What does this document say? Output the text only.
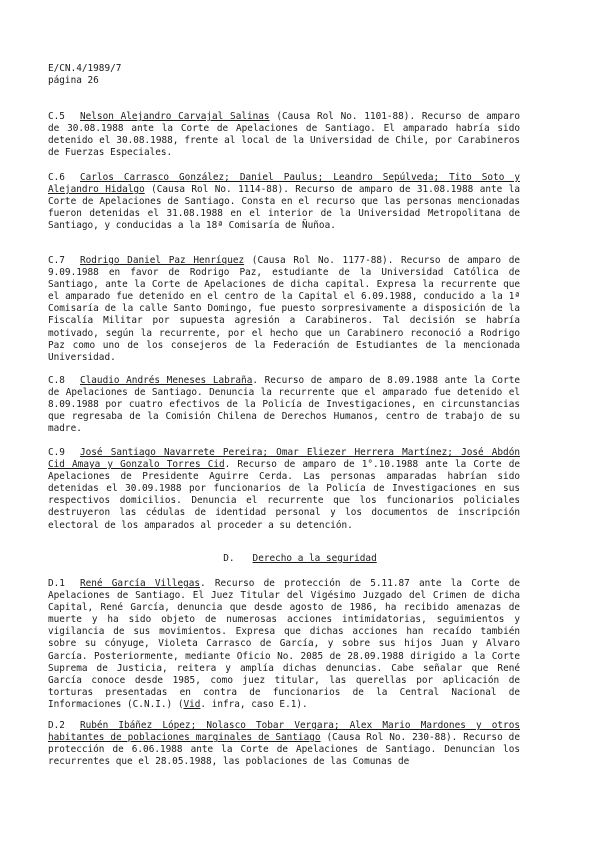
E/CN.4/1989/7
página 26

C.5 Nelson Alejandro Carvajal Salinas (Causa Rol No. 1101-88). Recurso de amparo de 30.08.1988 ante la Corte de Apelaciones de Santiago. El amparado habría sido detenido el 30.08.1988, frente al local de la Universidad de Chile, por Carabineros de Fuerzas Especiales.

C.6 Carlos Carrasco González; Daniel Paulus; Leandro Sepúlveda; Tito Soto y Alejandro Hidalgo (Causa Rol No. 1114-88). Recurso de amparo de 31.08.1988 ante la Corte de Apelaciones de Santiago. Consta en el recurso que las personas mencionadas fueron detenidas el 31.08.1988 en el interior de la Universidad Metropolitana de Santiago, y conducidas a la 18ª Comisaría de Ñuñoa.

C.7 Rodrigo Daniel Paz Henríquez (Causa Rol No. 1177-88). Recurso de amparo de 9.09.1988 en favor de Rodrigo Paz, estudiante de la Universidad Católica de Santiago, ante la Corte de Apelaciones de dicha capital. Expresa la recurrente que el amparado fue detenido en el centro de la Capital el 6.09.1988, conducido a la 1ª Comisaría de la calle Santo Domingo, fue puesto sorpresivamente a disposición de la Fiscalía Militar por supuesta agresión a Carabineros. Tal decisión se habría motivado, según la recurrente, por el hecho que un Carabinero reconoció a Rodrigo Paz como uno de los consejeros de la Federación de Estudiantes de la mencionada Universidad.

C.8 Claudio Andrés Meneses Labraña. Recurso de amparo de 8.09.1988 ante la Corte de Apelaciones de Santiago. Denuncia la recurrente que el amparado fue detenido el 8.09.1988 por cuatro efectivos de la Policía de Investigaciones, en circunstancias que regresaba de la Comisión Chilena de Derechos Humanos, centro de trabajo de su madre.

C.9 José Santiago Navarrete Pereira; Omar Eliezer Herrera Martínez; José Abdón Cid Amaya y Gonzalo Torres Cid. Recurso de amparo de 1°.10.1988 ante la Corte de Apelaciones de Presidente Aguirre Cerda. Las personas amparadas habrían sido detenidas el 30.09.1988 por funcionarios de la Policía de Investigaciones en sus respectivos domicilios. Denuncia el recurrente que los funcionarios policiales destruyeron las cédulas de identidad personal y los documentos de inscripción electoral de los amparados al proceder a su detención.

D. Derecho a la seguridad

D.1 René García Villegas. Recurso de protección de 5.11.87 ante la Corte de Apelaciones de Santiago. El Juez Titular del Vigésimo Juzgado del Crimen de dicha Capital, René García, denuncia que desde agosto de 1986, ha recibido amenazas de muerte y ha sido objeto de numerosas acciones intimidatorias, seguimientos y vigilancia de sus movimientos. Expresa que dichas acciones han recaído también sobre su cónyuge, Violeta Carrasco de García, y sobre sus hijos Juan y Alvaro García. Posteriormente, mediante Oficio No. 2085 de 28.09.1988 dirigido a la Corte Suprema de Justicia, reitera y amplía dichas denuncias. Cabe señalar que René García conoce desde 1985, como juez titular, las querellas por aplicación de torturas presentadas en contra de funcionarios de la Central Nacional de Informaciones (C.N.I.) (Vid. infra, caso E.1).

D.2 Rubén Ibáñez López; Nolasco Tobar Vergara; Alex Mario Mardones y otros habitantes de poblaciones marginales de Santiago (Causa Rol No. 230-88). Recurso de protección de 6.06.1988 ante la Corte de Apelaciones de Santiago. Denuncian los recurrentes que el 28.05.1988, las poblaciones de las Comunas de
